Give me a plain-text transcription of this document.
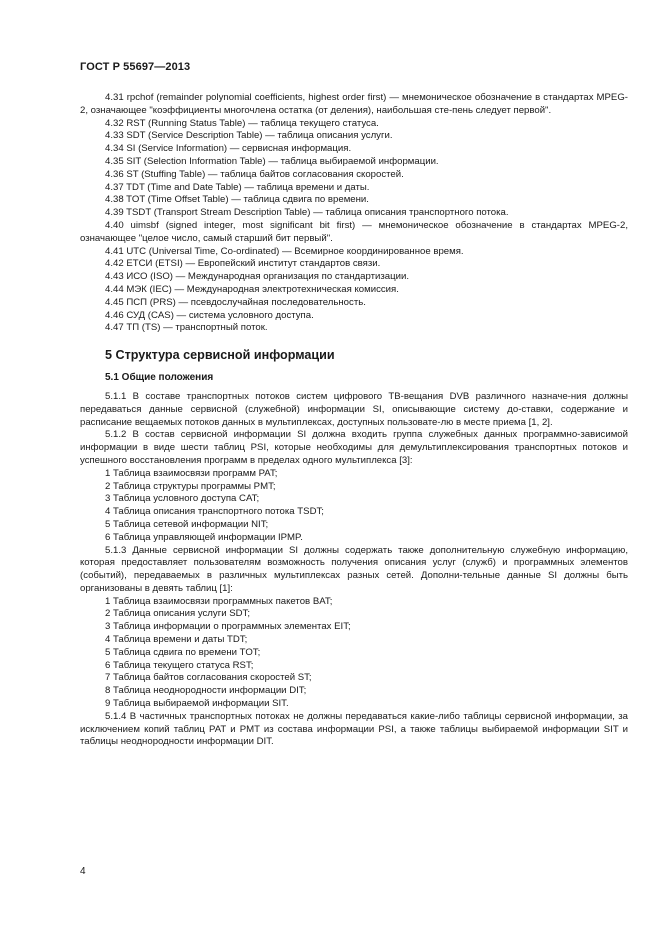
ГОСТ Р 55697—2013

4.31 rpchof (remainder polynomial coefficients, highest order first) — мнемоническое обозначение в стандартах MPEG-2, означающее "коэффициенты многочлена остатка (от деления), наибольшая сте-пень следует первой".

4.32 RST (Running Status Table) — таблица текущего статуса.

4.33 SDT (Service Description Table) — таблица описания услуги.

4.34 SI (Service Information) — сервисная информация.

4.35 SIT (Selection Information Table) — таблица выбираемой информации.

4.36 ST (Stuffing Table) — таблица байтов согласования скоростей.

4.37 TDT (Time and Date Table) — таблица времени и даты.

4.38 TOT (Time Offset Table) — таблица сдвига по времени.

4.39 TSDT (Transport Stream Description Table) — таблица описания транспортного потока.

4.40 uimsbf (signed integer, most significant bit first) — мнемоническое обозначение в стандартах MPEG-2, означающее "целое число, самый старший бит первый".

4.41 UTC (Universal Time, Co-ordinated) — Всемирное координированное время.

4.42 ЕТСИ (ETSI) — Европейский институт стандартов связи.

4.43 ИСО (ISO) — Международная организация по стандартизации.

4.44 МЭК (IEC) — Международная электротехническая комиссия.

4.45 ПСП (PRS) — псевдослучайная последовательность.

4.46 СУД (CAS) — система условного доступа.

4.47 ТП (TS) — транспортный поток.

5 Структура сервисной информации
5.1 Общие положения

5.1.1 В составе транспортных потоков систем цифрового ТВ-вещания DVB различного назначе-ния должны передаваться данные сервисной (служебной) информации SI, описывающие систему до-ставки, содержание и расписание вещаемых потоков данных в мультиплексах, доступных пользовате-лю в месте приема [1, 2].

5.1.2 В состав сервисной информации SI должна входить группа служебных данных программно-зависимой информации в виде шести таблиц PSI, которые необходимы для демультиплексирования транспортных потоков и успешного восстановления программ в пределах одного мультиплекса [3]:

1 Таблица взаимосвязи программ PAT;
2 Таблица структуры программы PMT;
3 Таблица условного доступа CAT;
4 Таблица описания транспортного потока TSDT;
5 Таблица сетевой информации NIT;
6 Таблица управляющей информации IPMP.

5.1.3 Данные сервисной информации SI должны содержать также дополнительную служебную информацию, которая предоставляет пользователям возможность получения описания услуг (служб) и программных элементов (событий), передаваемых в различных мультиплексах разных сетей. Дополни-тельные данные SI должны быть организованы в девять таблиц [1]:

1 Таблица взаимосвязи программных пакетов BAT;
2 Таблица описания услуги SDT;
3 Таблица информации о программных элементах EIT;
4 Таблица времени и даты TDT;
5 Таблица сдвига по времени TOT;
6 Таблица текущего статуса RST;
7 Таблица байтов согласования скоростей ST;
8 Таблица неоднородности информации DIT;
9 Таблица выбираемой информации SIT.

5.1.4 В частичных транспортных потоках не должны передаваться какие-либо таблицы сервисной информации, за исключением копий таблиц PAT и PMT из состава информации PSI, а также таблицы выбираемой информации SIT и таблицы неоднородности информации DIT.

4
